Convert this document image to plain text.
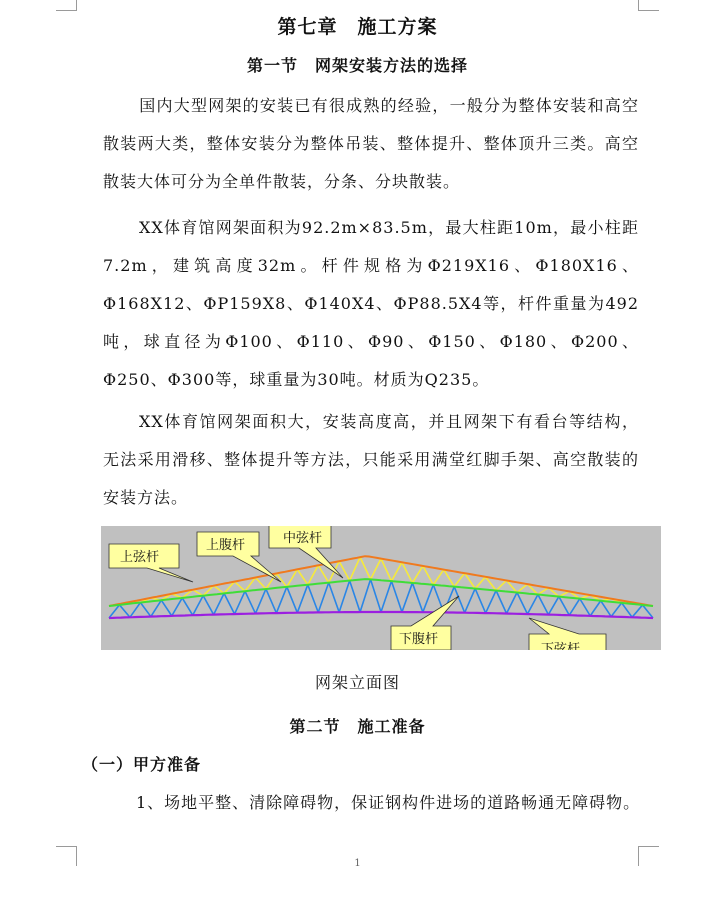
第七章　施工方案
第一节　网架安装方法的选择

国内大型网架的安装已有很成熟的经验，一般分为整体安装和高空散装两大类，整体安装分为整体吊装、整体提升、整体顶升三类。高空散装大体可分为全单件散装，分条、分块散装。

XX体育馆网架面积为92.2m×83.5m，最大柱距10m，最小柱距7.2m，建筑高度32m。杆件规格为Φ219X16、Φ180X16、Φ168X12、ΦP159X8、Φ140X4、ΦP88.5X4等，杆件重量为492吨，球直径为Φ100、Φ110、Φ90、Φ150、Φ180、Φ200、Φ250、Φ300等，球重量为30吨。材质为Q235。

XX体育馆网架面积大，安装高度高，并且网架下有看台等结构，无法采用滑移、整体提升等方法，只能采用满堂红脚手架、高空散装的安装方法。

上弦杆
上腹杆	中弦杆
下腹杆
下弦杆
网架立面图
第二节　施工准备
（一）甲方准备
1、场地平整、清除障碍物，保证钢构件进场的道路畅通无障碍物。
1
